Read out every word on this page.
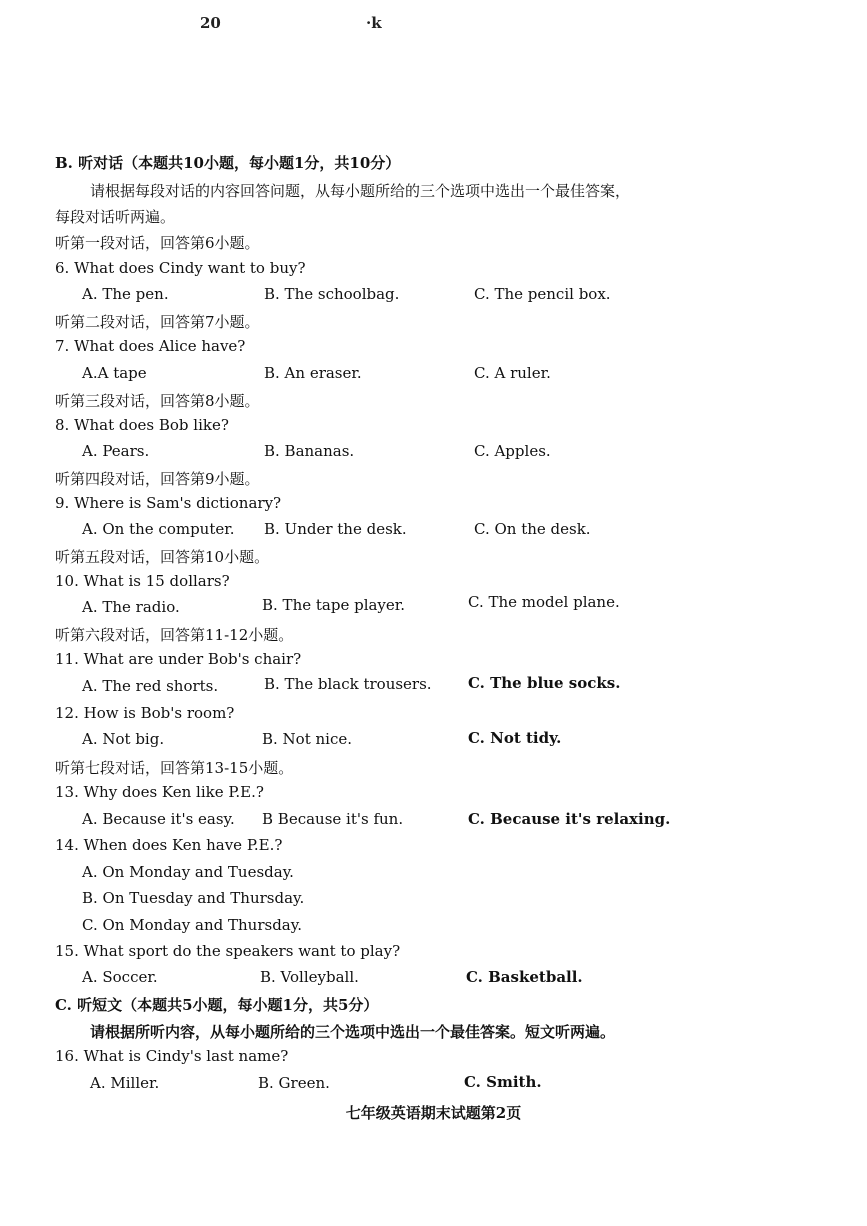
20	·k
B. 听对话（本题共10小题，每小题1分，共10分）
请根据每段对话的内容回答问题，从每小题所给的三个选项中选出一个最佳答案，
每段对话听两遍。
听第一段对话，回答第6小题。
6. What does Cindy want to buy?
A. The pen.	B. The schoolbag.	C. The pencil box.
听第二段对话，回答第7小题。
7. What does Alice have?
A.A tape	B. An eraser.	C. A ruler.
听第三段对话，回答第8小题。
8. What does Bob like?
A. Pears.	B. Bananas.	C. Apples.
听第四段对话，回答第9小题。
9. Where is Sam's dictionary?
A. On the computer. B. Under the desk.	C. On the desk.
听第五段对话，回答第10小题。
10. What is 15 dollars?
A. The radio.	B. The tape player.	C. The model plane.
听第六段对话，回答第11-12小题。
11. What are under Bob's chair?
A. The red shorts.	B. The black trousers. C. The blue socks.
12. How is Bob's room?
A. Not big.	B. Not nice.	C. Not tidy.
听第七段对话，回答第13-15小题。
13. Why does Ken like P.E.?
A. Because it's easy. B Because it's fun.	C. Because it's relaxing.
14. When does Ken have P.E.?
A. On Monday and Tuesday.
B. On Tuesday and Thursday.
C. On Monday and Thursday.
15. What sport do the speakers want to play?
A. Soccer.	B. Volleyball.	C. Basketball.
C. 听短文（本题共5小题，每小题1分，共5分）
请根据所听内容，从每小题所给的三个选项中选出一个最佳答案。短文听两遍。
16. What is Cindy's last name?
A. Miller.	B. Green.	C. Smith.
七年级英语期末试题第2页
